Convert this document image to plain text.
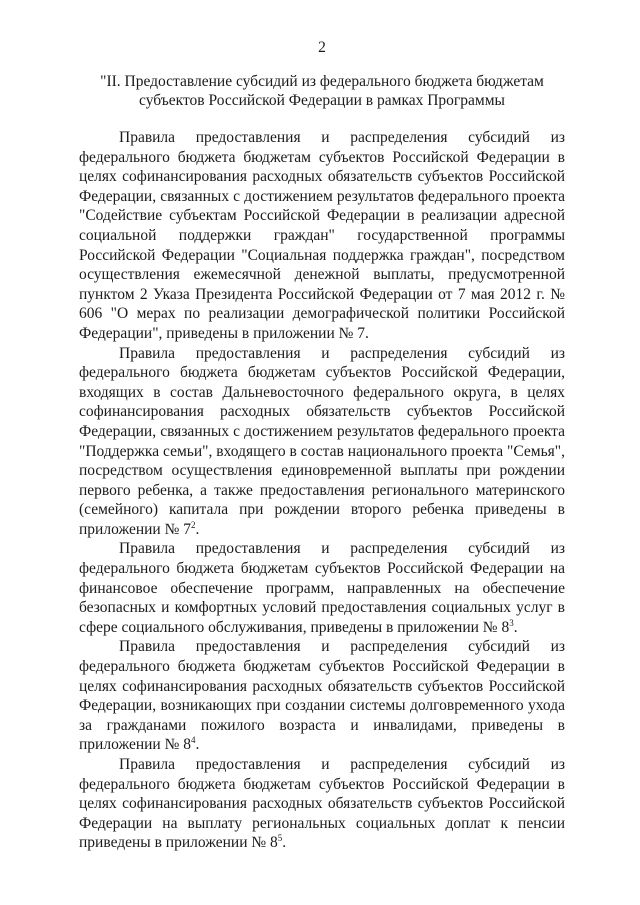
2
"II. Предоставление субсидий из федерального бюджета бюджетам
субъектов Российской Федерации в рамках Программы

Правила предоставления и распределения субсидий из федерального бюджета бюджетам субъектов Российской Федерации в целях софинансирования расходных обязательств субъектов Российской Федерации, связанных с достижением результатов федерального проекта "Содействие субъектам Российской Федерации в реализации адресной социальной поддержки граждан" государственной программы Российской Федерации "Социальная поддержка граждан", посредством осуществления ежемесячной денежной выплаты, предусмотренной пунктом 2 Указа Президента Российской Федерации от 7 мая 2012 г. № 606 "О мерах по реализации демографической политики Российской Федерации", приведены в приложении № 7.

Правила предоставления и распределения субсидий из федерального бюджета бюджетам субъектов Российской Федерации, входящих в состав Дальневосточного федерального округа, в целях софинансирования расходных обязательств субъектов Российской Федерации, связанных с достижением результатов федерального проекта "Поддержка семьи", входящего в состав национального проекта "Семья", посредством осуществления единовременной выплаты при рождении первого ребенка, а также предоставления регионального материнского (семейного) капитала при рождении второго ребенка приведены в приложении № $7^2$.

Правила предоставления и распределения субсидий из федерального бюджета бюджетам субъектов Российской Федерации на финансовое обеспечение программ, направленных на обеспечение безопасных и комфортных условий предоставления социальных услуг в сфере социального обслуживания, приведены в приложении № $8^3$.

Правила предоставления и распределения субсидий из федерального бюджета бюджетам субъектов Российской Федерации в целях софинансирования расходных обязательств субъектов Российской Федерации, возникающих при создании системы долговременного ухода за гражданами пожилого возраста и инвалидами, приведены в приложении № $8^4$.

Правила предоставления и распределения субсидий из федерального бюджета бюджетам субъектов Российской Федерации в целях софинансирования расходных обязательств субъектов Российской Федерации на выплату региональных социальных доплат к пенсии приведены в приложении № $8^5$.
